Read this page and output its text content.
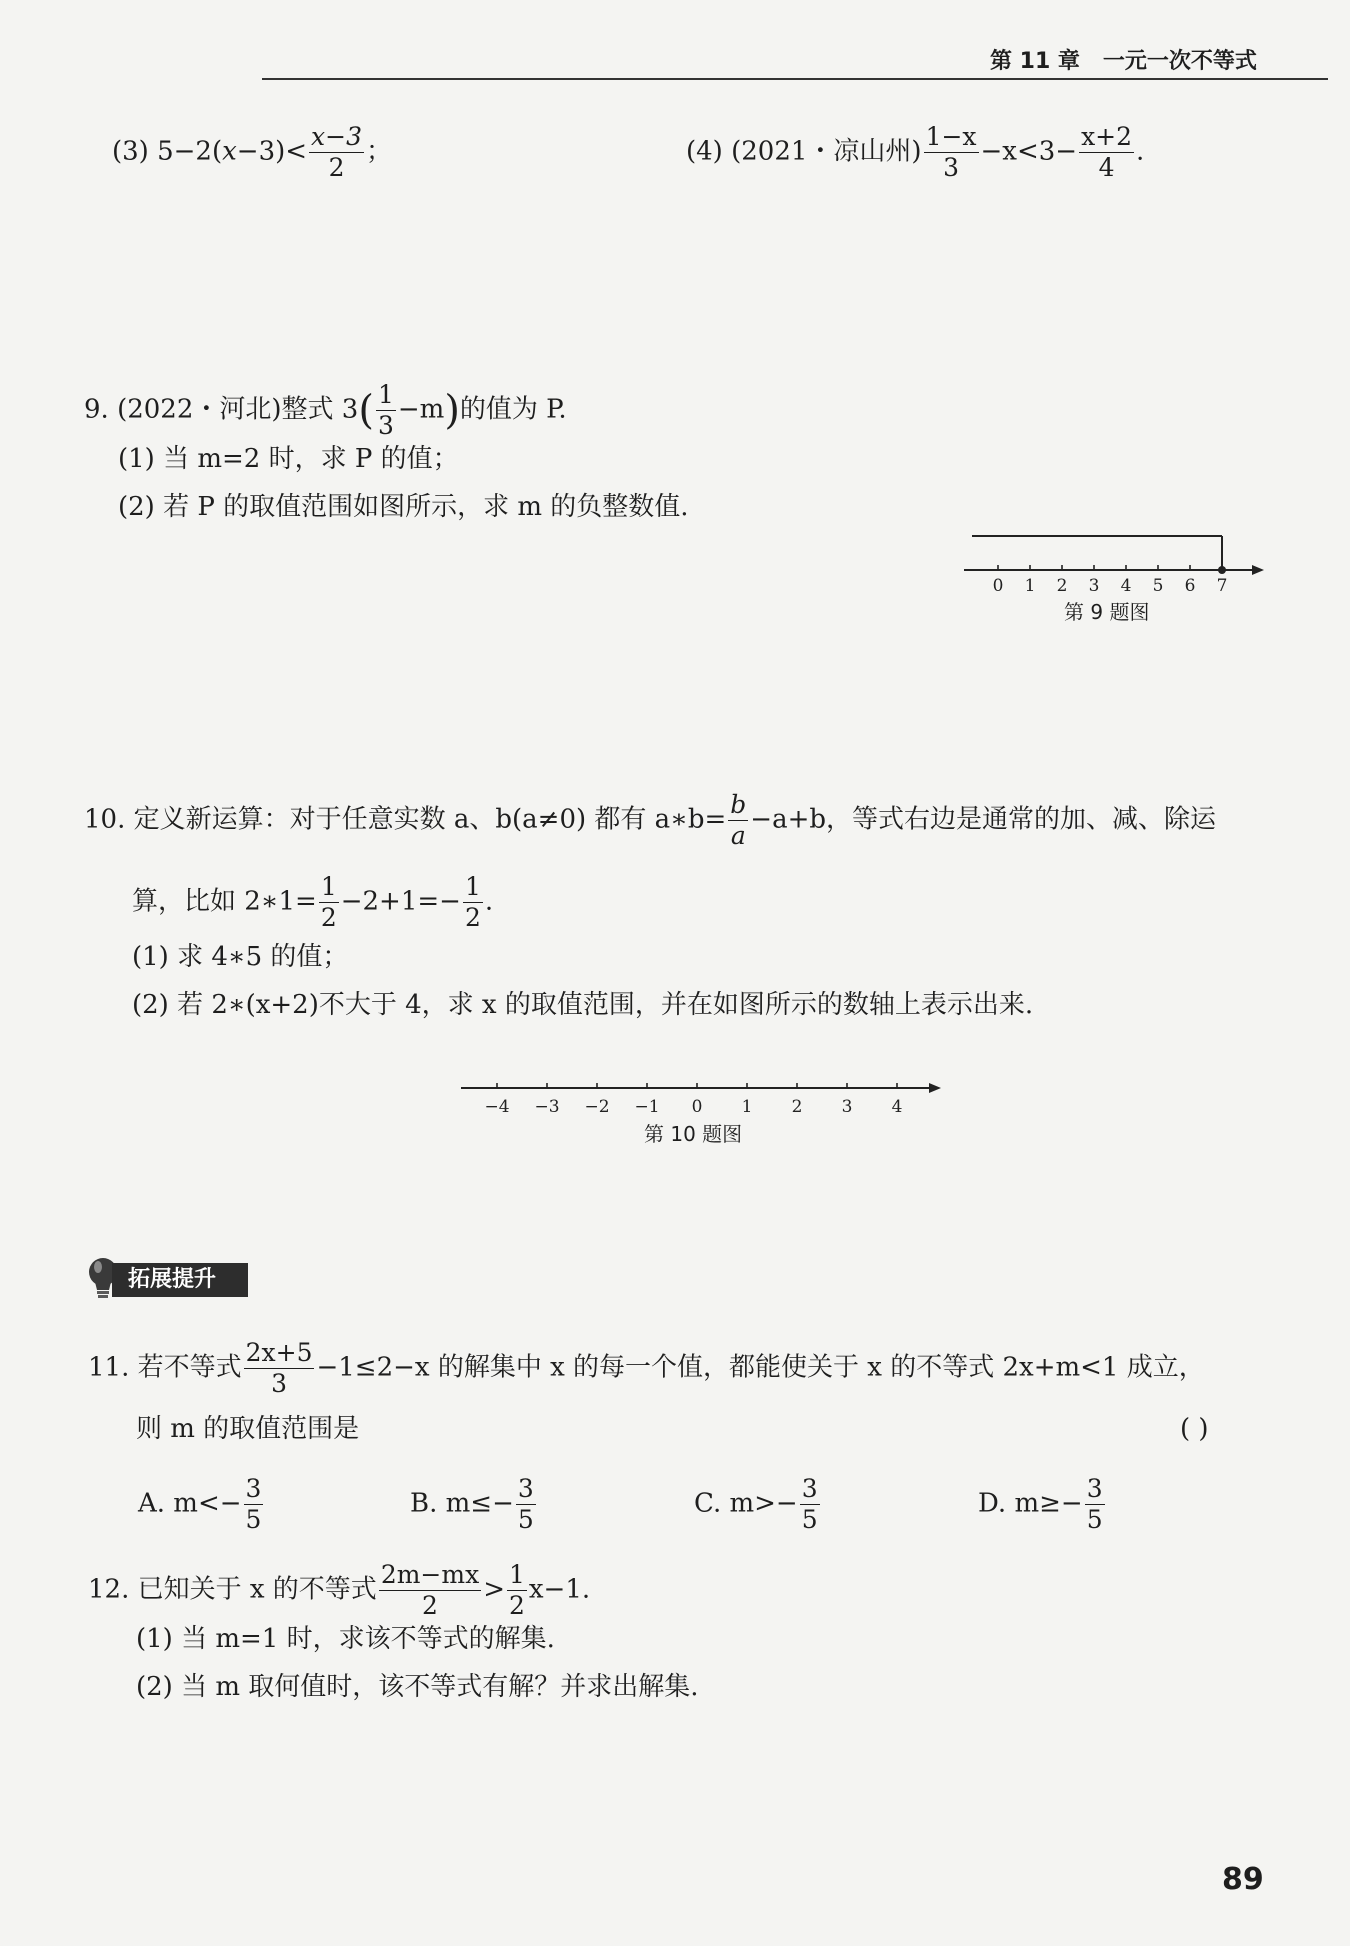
第 11 章 一元一次不等式
(3) $5-2(x-3)< \frac{x-3}{2}$ ；	(4) (2021・凉山州) $\frac{1-x}{3} -x<3- \frac{x+2}{4}$ .
9. (2022・河北)整式 $3( \frac{1}{3} -m)$的值为 P.
(1) 当 m=2 时，求 P 的值；
(2) 若 P 的取值范围如图所示，求 m 的负整数值.
0 1 2 3 4 5 6 7
第 9 题图
10. 定义新运算：对于任意实数 a、b(a≠0) 都有 a∗b= $\frac{b}{a} -a+b$，等式右边是通常的加、减、除运
算，比如 2∗1= $\frac{1}{2} -2+1=- \frac{1}{2}$ .
(1) 求 4∗5 的值；
(2) 若 2∗(x+2)不大于 4，求 x 的取值范围，并在如图所示的数轴上表示出来.
−4 −3 −2 −1 0 1 2 3 4
第 10 题图
拓展提升
11. 若不等式 $\frac{2x+5}{3} -1\le 2-x$ 的解集中 x 的每一个值，都能使关于 x 的不等式 2x+m<1 成立，
则 m 的取值范围是	( )
A. $m<- \frac{3}{5}$	B. $m\le- \frac{3}{5}$	C. $m>- \frac{3}{5}$	D. $m\ge- \frac{3}{5}$
12. 已知关于 x 的不等式 $\frac{2m-mx}{2} > \frac{1}{2} x-1$.
(1) 当 m=1 时，求该不等式的解集.
(2) 当 m 取何值时，该不等式有解？并求出解集.
89
